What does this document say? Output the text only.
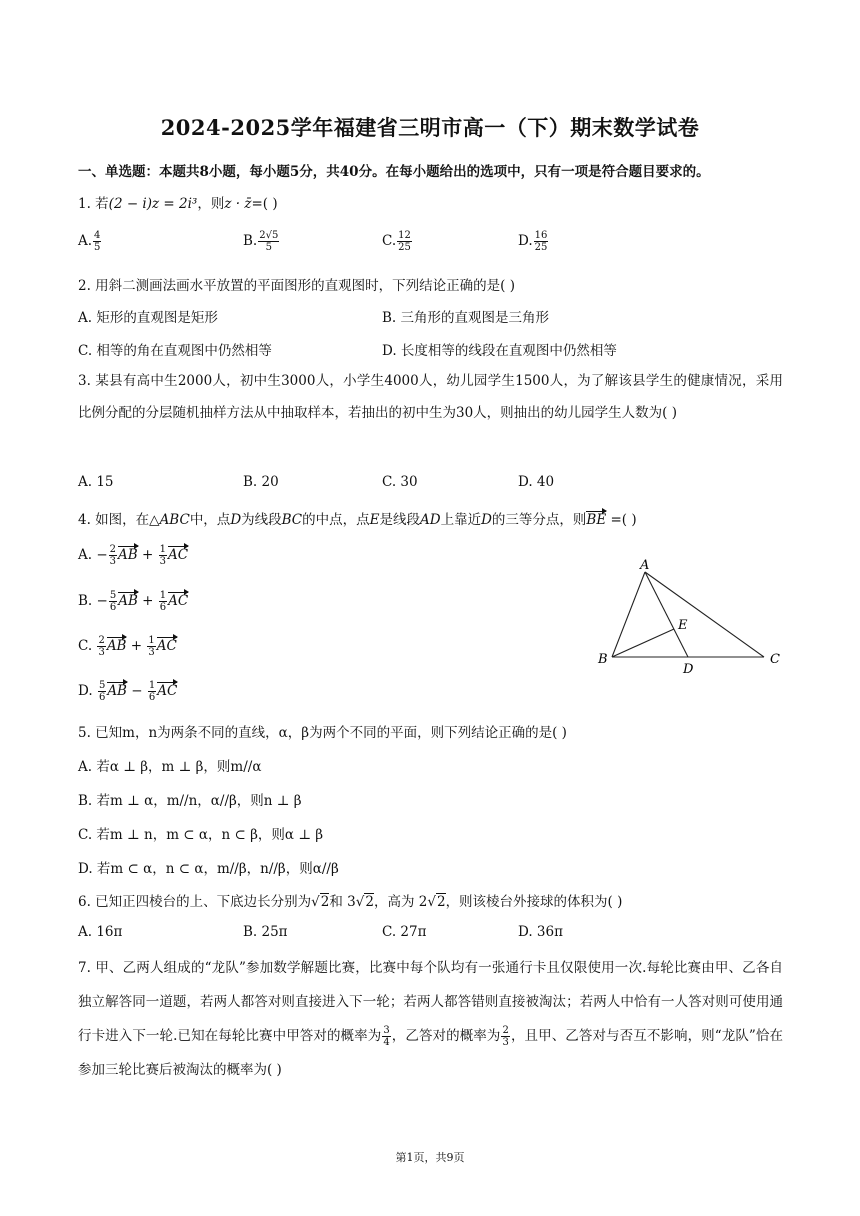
2024-2025学年福建省三明市高一（下）期末数学试卷
一、单选题：本题共8小题，每小题5分，共40分。在每小题给出的选项中，只有一项是符合题目要求的。
1. 若(2 − i)z = 2i³，则z · z̄=( )
A. $\frac{4}{5}$	B. $\frac{2√5}{5}$	C. $\frac{12}{25}$	D. $\frac{16}{25}$
2. 用斜二测画法画水平放置的平面图形的直观图时，下列结论正确的是( )
A. 矩形的直观图是矩形	B. 三角形的直观图是三角形
C. 相等的角在直观图中仍然相等	D. 长度相等的线段在直观图中仍然相等
3. 某县有高中生2000人，初中生3000人，小学生4000人，幼儿园学生1500人，为了解该县学生的健康情况，采用比例分配的分层随机抽样方法从中抽取样本，若抽出的初中生为30人，则抽出的幼儿园学生人数为( )
A. 15	B. 20	C. 30	D. 40
4. 如图，在△ABC中，点D为线段BC的中点，点E是线段AD上靠近D的三等分点，则BE =( )
A. − $\frac{2}{3}$ AB + $\frac{1}{3}$ AC
B. − $\frac{5}{6}$ AB + $\frac{1}{6}$ AC
C. $\frac{2}{3}$ AB + $\frac{1}{3}$ AC
D. $\frac{5}{6}$ AB − $\frac{1}{6}$ AC
A
B	C
D
E
5. 已知m，n为两条不同的直线，α，β为两个不同的平面，则下列结论正确的是( )
A. 若α ⊥ β，m ⊥ β，则m//α
B. 若m ⊥ α，m//n，α//β，则n ⊥ β
C. 若m ⊥ n，m ⊂ α，n ⊂ β，则α ⊥ β
D. 若m ⊂ α，n ⊂ α，m//β，n//β，则α//β
6. 已知正四棱台的上、下底边长分别为√2和 3√2，高为 2√2，则该棱台外接球的体积为( )
A. 16π	B. 25π	C. 27π	D. 36π
7. 甲、乙两人组成的“龙队”参加数学解题比赛，比赛中每个队均有一张通行卡且仅限使用一次.每轮比赛由甲、乙各自独立解答同一道题，若两人都答对则直接进入下一轮；若两人都答错则直接被淘汰；若两人中恰有一人答对则可使用通行卡进入下一轮.已知在每轮比赛中甲答对的概率为 $\frac{3}{4}$ ，乙答对的概率为 $\frac{2}{3}$ ，且甲、乙答对与否互不影响，则“龙队”恰在参加三轮比赛后被淘汰的概率为( )
第1页，共9页
